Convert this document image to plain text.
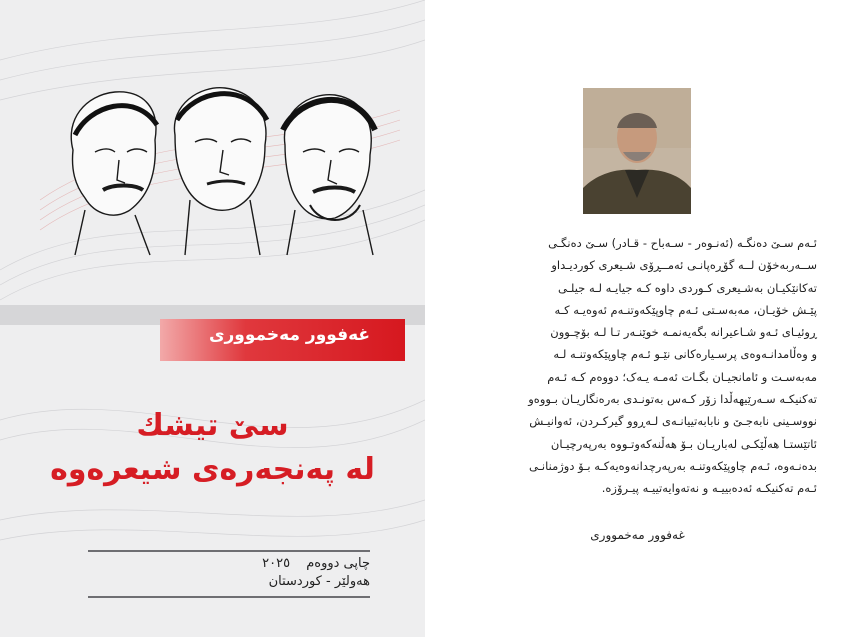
غەفوور مەخمووری
سێ تیشك
لە پەنجەرەی شیعرەوە
چاپی دووەم ٢٠٢٥
هەولێر - کوردستان

ئـەم سـێ دەنگـە (ئەنـوەر - سـەباح - قـادر) سـێ دەنگـی

ســەربەخۆن لــە گۆڕەپانـی ئەمــڕۆی شـیعری کوردیـداو

تەکانێکیـان بەشـیعری کـوردی داوە کـە جیایـە لـە جیلـی

پێـش خۆیـان، مەبەسـتی ئـەم چاوپێکەوتنـەم ئەوەیـە کـە

ڕوئیـای ئـەو شـاعیرانە بگەیەنمـە خوێنـەر تـا لـە بۆچـوون

و وەڵامدانـەوەی پرسـیارەکانی نێـو ئـەم چاوپێکەوتنـە لـە

مەبەسـت و ئامانجیـان بگـات ئەمـە یـەک؛ دووەم کـە ئـەم

تەکنیکـە سـەرێیهەڵدا زۆر کـەس بەتونـدی بەرەنگاریـان بـووەو

نووسـینی نابەجـێ و نابابەتییانـەی لـەڕوو گیرکـردن، ئەوانیـش

ئاتێستـا هەڵێکـی لەباریـان بـۆ هەڵنەکەوتـووە بەرپەرچیـان

بدەنـەوە، ئـەم چاوپێکەوتنـە بەرپەرچدانەوەیەکـە بـۆ دوژمنانـی

ئـەم تەکنیکـە ئەدەبییـە و نەتەوایەتییـە پیـرۆزە.

غەفوور مەخمووری
